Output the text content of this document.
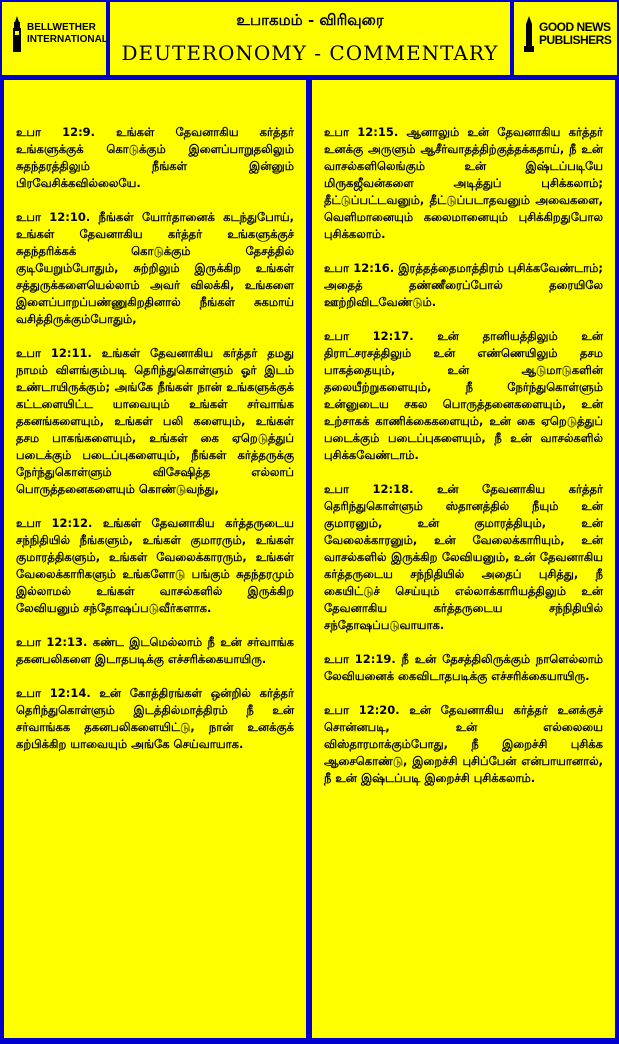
BELLWETHER
INTERNATIONAL
உபாகமம் - விரிவுரை
DEUTERONOMY - COMMENTARY
GOOD NEWS
PUBLISHERS

உபா 12:9. உங்கள் தேவனாகிய கர்த்தர் உங்களுக்குக் கொடுக்கும் இளைப்பாறுதலிலும் சுதந்தரத்திலும் நீங்கள் இன்னும் பிரவேசிக்கவில்லையே.

உபா 12:10. நீங்கள் யோர்தானைக் கடந்துபோய், உங்கள் தேவனாகிய கர்த்தர் உங்களுக்குச் சுதந்தரிக்கக் கொடுக்கும் தேசத்தில் குடியேறும்போதும், சுற்றிலும் இருக்கிற உங்கள் சத்துருக்களையெல்லாம் அவர் விலக்கி, உங்களை இளைப்பாறப்பண்ணுகிறதினால் நீங்கள் சுகமாய் வசித்திருக்கும்போதும்,

உபா 12:11. உங்கள் தேவனாகிய கர்த்தர் தமது நாமம் விளங்கும்படி தெரிந்துகொள்ளும் ஓர் இடம் உண்டாயிருக்கும்; அங்கே நீங்கள் நான் உங்களுக்குக் கட்டளையிட்ட யாவையும் உங்கள் சர்வாங்க தகனங்களையும், உங்கள் பலி களையும், உங்கள் தசம பாகங்களையும், உங்கள் கை ஏறெடுத்துப் படைக்கும் படைப்புகளையும், நீங்கள் கர்த்தருக்கு நேர்ந்துகொள்ளும் விசேஷித்த எல்லாப் பொருத்தனைகளையும் கொண்டுவந்து,

உபா 12:12. உங்கள் தேவனாகிய கர்த்தருடைய சந்நிதியில் நீங்களும், உங்கள் குமாரரும், உங்கள் குமாரத்திகளும், உங்கள் வேலைக்காரரும், உங்கள் வேலைக்காரிகளும் உங்களோடு பங்கும் சுதந்தரமும் இல்லாமல் உங்கள் வாசல்களில் இருக்கிற லேவியனும் சந்தோஷப்படுவீர்களாக.

உபா 12:13. கண்ட இடமெல்லாம் நீ உன் சர்வாங்க தகனபலிகளை இடாதபடிக்கு எச்சரிக்கையாயிரு.

உபா 12:14. உன் கோத்திரங்கள் ஒன்றில் கர்த்தர் தெரிந்துகொள்ளும் இடத்தில்மாத்திரம் நீ உன் சர்வாங்கக தகனபலிகளையிட்டு, நான் உனக்குக் கற்பிக்கிற யாவையும் அங்கே செய்வாயாக.

உபா 12:15. ஆனாலும் உன் தேவனாகிய கர்த்தர் உனக்கு அருளும் ஆசீர்வாதத்திற்குத்தக்கதாய், நீ உன் வாசல்களிலெங்கும் உன் இஷ்டப்படியே மிருகஜீவன்களை அடித்துப் புசிக்கலாம்; தீட்டுப்பட்டவனும், தீட்டுப்படாதவனும் அவைகளை, வெளிமானையும் கலைமானையும் புசிக்கிறதுபோல புசிக்கலாம்.

உபா 12:16. இரத்தத்தைமாத்திரம் புசிக்கவேண்டாம்; அதைத் தண்ணீரைப்போல் தரையிலே ஊற்றிவிடவேண்டும்.

உபா 12:17. உன் தானியத்திலும் உன் திராட்சரசத்திலும் உன் எண்ணெயிலும் தசம பாகத்தையும், உன் ஆடுமாடுகளின் தலையீற்றுகளையும், நீ நேர்ந்துகொள்ளும் உன்னுடைய சகல பொருத்தனைகளையும், உன் உற்சாகக் காணிக்கைகளையும், உன் கை ஏறெடுத்துப் படைக்கும் படைப்புகளையும், நீ உன் வாசல்களில் புசிக்கவேண்டாம்.

உபா 12:18. உன் தேவனாகிய கர்த்தர் தெரிந்துகொள்ளும் ஸ்தானத்தில் நீயும் உன் குமாரனும், உன் குமாரத்தியும், உன் வேலைக்காரனும், உன் வேலைக்காரியும், உன் வாசல்களில் இருக்கிற லேவியனும், உன் தேவனாகிய கர்த்தருடைய சந்நிதியில் அதைப் புசித்து, நீ கையிட்டுச் செய்யும் எல்லாக்காரியத்திலும் உன் தேவனாகிய கர்த்தருடைய சந்நிதியில் சந்தோஷப்படுவாயாக.

உபா 12:19. நீ உன் தேசத்திலிருக்கும் நாளெல்லாம் லேவியனைக் கைவிடாதபடிக்கு எச்சரிக்கையாயிரு.

உபா 12:20. உன் தேவனாகிய கர்த்தர் உனக்குச் சொன்னபடி, உன் எல்லையை விஸ்தாரமாக்கும்போது, நீ இறைச்சி புசிக்க ஆசைகொண்டு, இறைச்சி புசிப்பேன் என்பாயானால், நீ உன் இஷ்டப்படி இறைச்சி புசிக்கலாம்.
